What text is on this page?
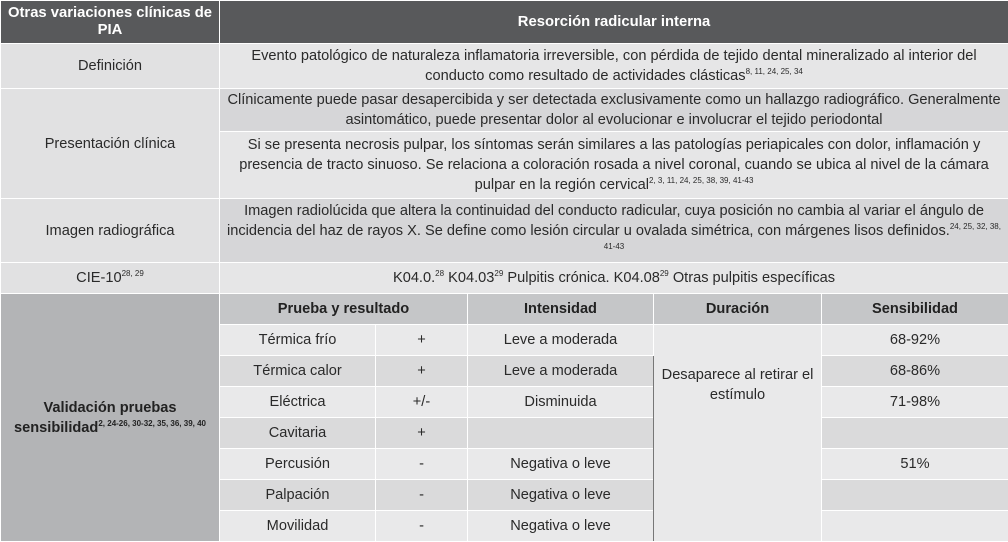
Otras variaciones clínicas de PIA	Resorción radicular interna				
Definición	Evento patológico de naturaleza inflamatoria irreversible, con pérdida de tejido dental mineralizado al interior del conducto como resultado de actividades clásticas$^{8, 11, 24, 25, 34}$
Presentación clínica	Clínicamente puede pasar desapercibida y ser detectada exclusivamente como un hallazgo radiográfico. Generalmente asintomático, puede presentar dolor al evolucionar e involucrar el tejido periodontal				
	Si se presenta necrosis pulpar, los síntomas serán similares a las patologías periapicales con dolor, inflamación y presencia de tracto sinuoso. Se relaciona a coloración rosada a nivel coronal, cuando se ubica al nivel de la cámara pulpar en la región cervical$^{2, 3, 11, 24, 25, 38, 39, 41-43}$
Imagen radiográfica	Imagen radiolúcida que altera la continuidad del conducto radicular, cuya posición no cambia al variar el ángulo de incidencia del haz de rayos X. Se define como lesión circular u ovalada simétrica, con márgenes lisos definidos.$^{24, 25, 32, 38, 41-43}$
CIE-10$^{28, 29}$	K04.0.28 K04.03$^{29}$ Pulpitis crónica. K04.08$^{29}$ Otras pulpitis específicas				
Validación pruebas sensibilidad$^{2, 24-26, 30-32, 35, 36, 39, 40}$	Prueba y resultado		Intensidad	Duración	Sensibilidad
	Térmica frío	+	Leve a moderada	Desaparece al retirar el estímulo	68-92%
	Térmica calor	+	Leve a moderada		68-86%
	Eléctrica	+/-	Disminuida		71-98%
	Cavitaria	+			
	Percusión	-	Negativa o leve		51%
	Palpación	-	Negativa o leve		
	Movilidad	-	Negativa o leve		
